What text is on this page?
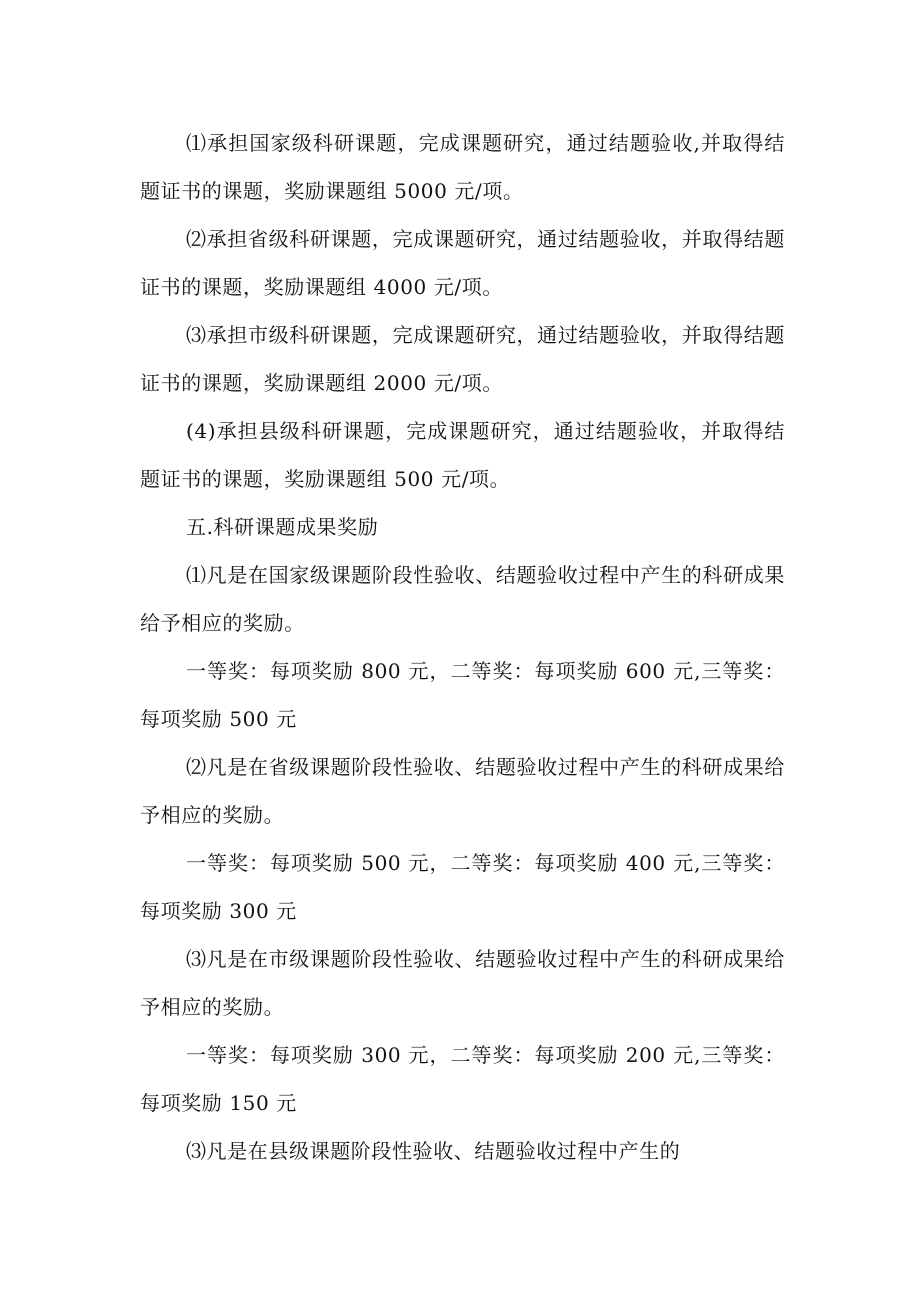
⑴承担国家级科研课题，完成课题研究，通过结题验收,并取得结题证书的课题，奖励课题组 5000 元/项。

⑵承担省级科研课题，完成课题研究，通过结题验收，并取得结题证书的课题，奖励课题组 4000 元/项。

⑶承担市级科研课题，完成课题研究，通过结题验收，并取得结题证书的课题，奖励课题组 2000 元/项。

(4)承担县级科研课题，完成课题研究，通过结题验收，并取得结题证书的课题，奖励课题组 500 元/项。

五.科研课题成果奖励

⑴凡是在国家级课题阶段性验收、结题验收过程中产生的科研成果给予相应的奖励。

一等奖：每项奖励 800 元，二等奖：每项奖励 600 元,三等奖：每项奖励 500 元

⑵凡是在省级课题阶段性验收、结题验收过程中产生的科研成果给予相应的奖励。

一等奖：每项奖励 500 元，二等奖：每项奖励 400 元,三等奖：每项奖励 300 元

⑶凡是在市级课题阶段性验收、结题验收过程中产生的科研成果给予相应的奖励。

一等奖：每项奖励 300 元，二等奖：每项奖励 200 元,三等奖：每项奖励 150 元

⑶凡是在县级课题阶段性验收、结题验收过程中产生的
